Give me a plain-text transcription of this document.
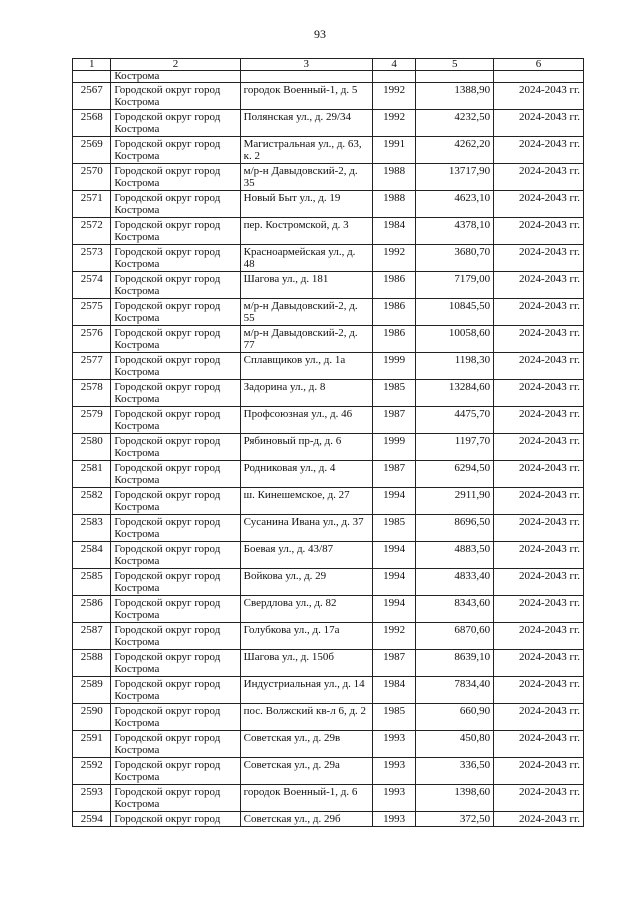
93
1	2	3	4	5	6
	Кострома				
2567	Городской округ город Кострома	городок Военный-1, д. 5	1992	1388,90	2024-2043 гг.
2568	Городской округ город Кострома	Полянская ул., д. 29/34	1992	4232,50	2024-2043 гг.
2569	Городской округ город Кострома	Магистральная ул., д. 63, к. 2	1991	4262,20	2024-2043 гг.
2570	Городской округ город Кострома	м/р-н Давыдовский-2, д. 35	1988	13717,90	2024-2043 гг.
2571	Городской округ город Кострома	Новый Быт ул., д. 19	1988	4623,10	2024-2043 гг.
2572	Городской округ город Кострома	пер. Костромской, д. 3	1984	4378,10	2024-2043 гг.
2573	Городской округ город Кострома	Красноармейская ул., д. 48	1992	3680,70	2024-2043 гг.
2574	Городской округ город Кострома	Шагова ул., д. 181	1986	7179,00	2024-2043 гг.
2575	Городской округ город Кострома	м/р-н Давыдовский-2, д. 55	1986	10845,50	2024-2043 гг.
2576	Городской округ город Кострома	м/р-н Давыдовский-2, д. 77	1986	10058,60	2024-2043 гг.
2577	Городской округ город Кострома	Сплавщиков ул., д. 1а	1999	1198,30	2024-2043 гг.
2578	Городской округ город Кострома	Задорина ул., д. 8	1985	13284,60	2024-2043 гг.
2579	Городской округ город Кострома	Профсоюзная ул., д. 46	1987	4475,70	2024-2043 гг.
2580	Городской округ город Кострома	Рябиновый пр-д, д. 6	1999	1197,70	2024-2043 гг.
2581	Городской округ город Кострома	Родниковая ул., д. 4	1987	6294,50	2024-2043 гг.
2582	Городской округ город Кострома	ш. Кинешемское, д. 27	1994	2911,90	2024-2043 гг.
2583	Городской округ город Кострома	Сусанина Ивана ул., д. 37	1985	8696,50	2024-2043 гг.
2584	Городской округ город Кострома	Боевая ул., д. 43/87	1994	4883,50	2024-2043 гг.
2585	Городской округ город Кострома	Войкова ул., д. 29	1994	4833,40	2024-2043 гг.
2586	Городской округ город Кострома	Свердлова ул., д. 82	1994	8343,60	2024-2043 гг.
2587	Городской округ город Кострома	Голубкова ул., д. 17а	1992	6870,60	2024-2043 гг.
2588	Городской округ город Кострома	Шагова ул., д. 150б	1987	8639,10	2024-2043 гг.
2589	Городской округ город Кострома	Индустриальная ул., д. 14	1984	7834,40	2024-2043 гг.
2590	Городской округ город Кострома	пос. Волжский кв-л 6, д. 2	1985	660,90	2024-2043 гг.
2591	Городской округ город Кострома	Советская ул., д. 29в	1993	450,80	2024-2043 гг.
2592	Городской округ город Кострома	Советская ул., д. 29а	1993	336,50	2024-2043 гг.
2593	Городской округ город Кострома	городок Военный-1, д. 6	1993	1398,60	2024-2043 гг.
2594	Городской округ город	Советская ул., д. 29б	1993	372,50	2024-2043 гг.
